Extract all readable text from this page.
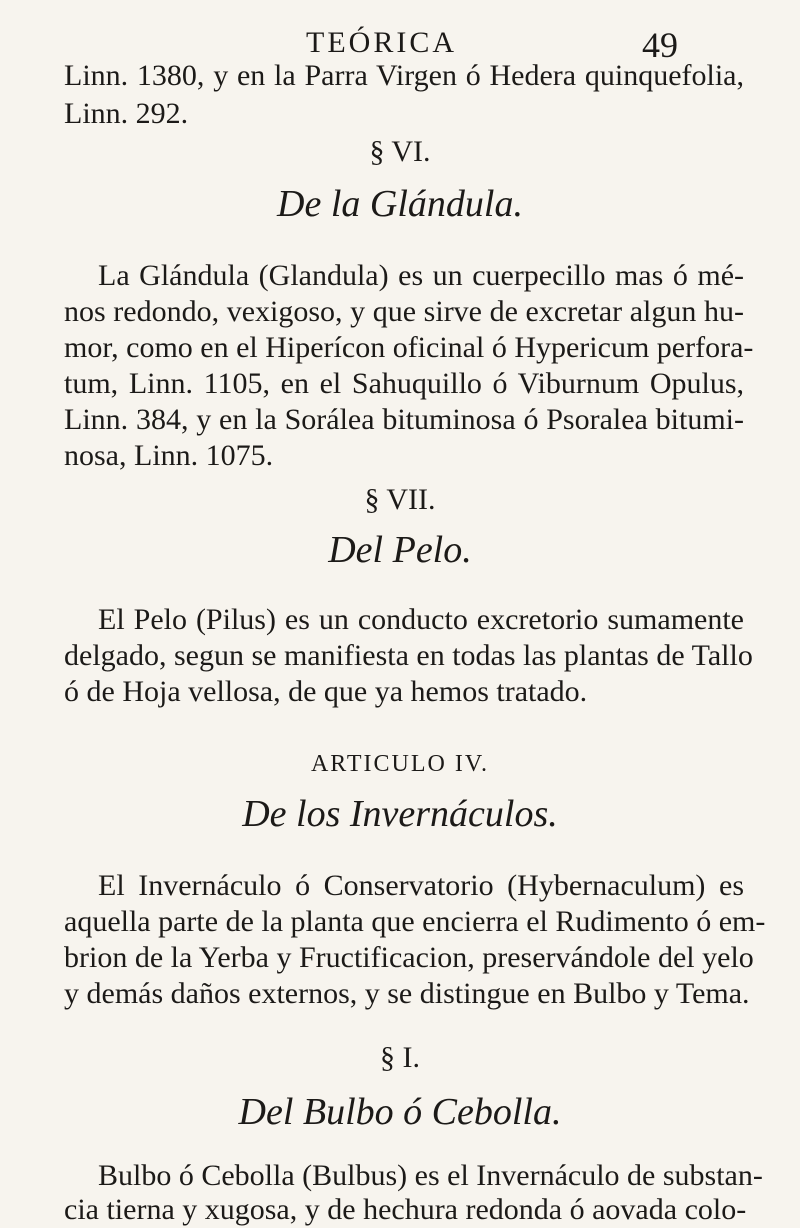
TEÓRICA	49
Linn. 1380, y en la Parra Virgen ó Hedera quinquefolia,
Linn. 292.
§ VI.
De la Glándula.
La Glándula (Glandula) es un cuerpecillo mas ó mé-
nos redondo, vexigoso, y que sirve de excretar algun hu-
mor, como en el Hiperícon oficinal ó Hypericum perfora-
tum, Linn. 1105, en el Sahuquillo ó Viburnum Opulus,
Linn. 384, y en la Sorálea bituminosa ó Psoralea bitumi-
nosa, Linn. 1075.
§ VII.
Del Pelo.
El Pelo (Pilus) es un conducto excretorio sumamente
delgado, segun se manifiesta en todas las plantas de Tallo
ó de Hoja vellosa, de que ya hemos tratado.
ARTICULO IV.
De los Invernáculos.
El Invernáculo ó Conservatorio (Hybernaculum) es
aquella parte de la planta que encierra el Rudimento ó em-
brion de la Yerba y Fructificacion, preservándole del yelo
y demás daños externos, y se distingue en Bulbo y Tema.
§ I.
Del Bulbo ó Cebolla.
Bulbo ó Cebolla (Bulbus) es el Invernáculo de substan-
cia tierna y xugosa, y de hechura redonda ó aovada colo-
